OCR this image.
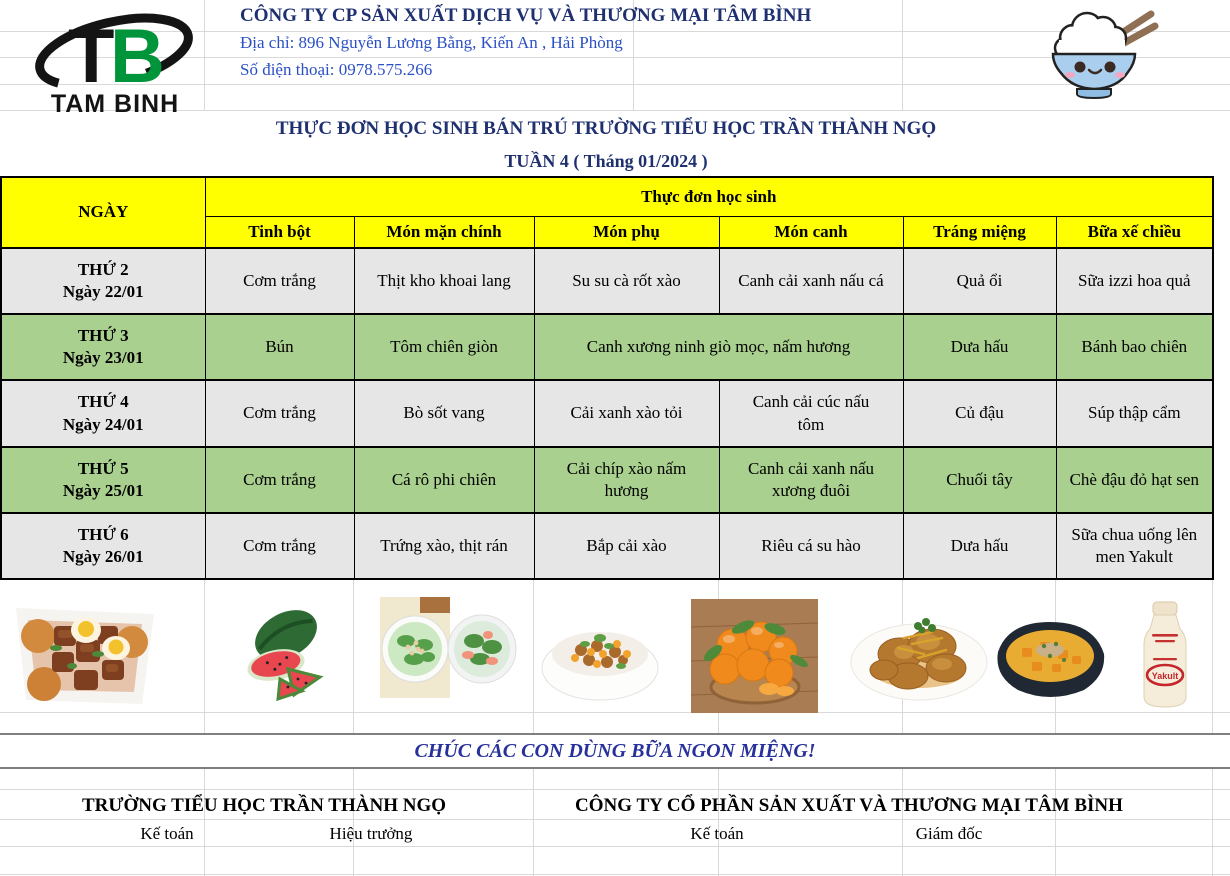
T
B
TAM BINH
CÔNG TY CP SẢN XUẤT DỊCH VỤ VÀ THƯƠNG MẠI TÂM BÌNH
Địa chỉ: 896 Nguyễn Lương Bằng, Kiến An , Hải Phòng
Số điện thoại: 0978.575.266
THỰC ĐƠN HỌC SINH BÁN TRÚ TRƯỜNG TIỂU HỌC TRẦN THÀNH NGỌ
TUẦN 4 ( Tháng 01/2024 )
NGÀY	Thực đơn học sinh					
	Tinh bột	Món mặn chính	Món phụ	Món canh	Tráng miệng	Bữa xế chiều

THỨ 2
Ngày 22/01	Cơm trắng	Thịt kho khoai lang	Su su cà rốt xào	Canh cải xanh nấu cá	Quả ổi	Sữa izzi hoa quả

THỨ 3
Ngày 23/01	Bún	Tôm chiên giòn	Canh xương ninh giò mọc, nấm hương		Dưa hấu	Bánh bao chiên

THỨ 4
Ngày 24/01	Cơm trắng	Bò sốt vang	Cải xanh xào tỏi	Canh cải cúc nấu tôm	Củ đậu	Súp thập cẩm

THỨ 5
Ngày 25/01	Cơm trắng	Cá rô phi chiên	Cải chíp xào nấm hương	Canh cải xanh nấu xương đuôi	Chuối tây	Chè đậu đỏ hạt sen

THỨ 6
Ngày 26/01	Cơm trắng	Trứng xào, thịt rán	Bắp cải xào	Riêu cá su hào	Dưa hấu	Sữa chua uống lên men Yakult
Yakult
CHÚC CÁC CON DÙNG BỮA NGON MIỆNG!
TRƯỜNG TIỂU HỌC TRẦN THÀNH NGỌ	CÔNG TY CỔ PHẦN SẢN XUẤT VÀ THƯƠNG MẠI TÂM BÌNH
Kế toán	Hiệu trưởng	Kế toán	Giám đốc
